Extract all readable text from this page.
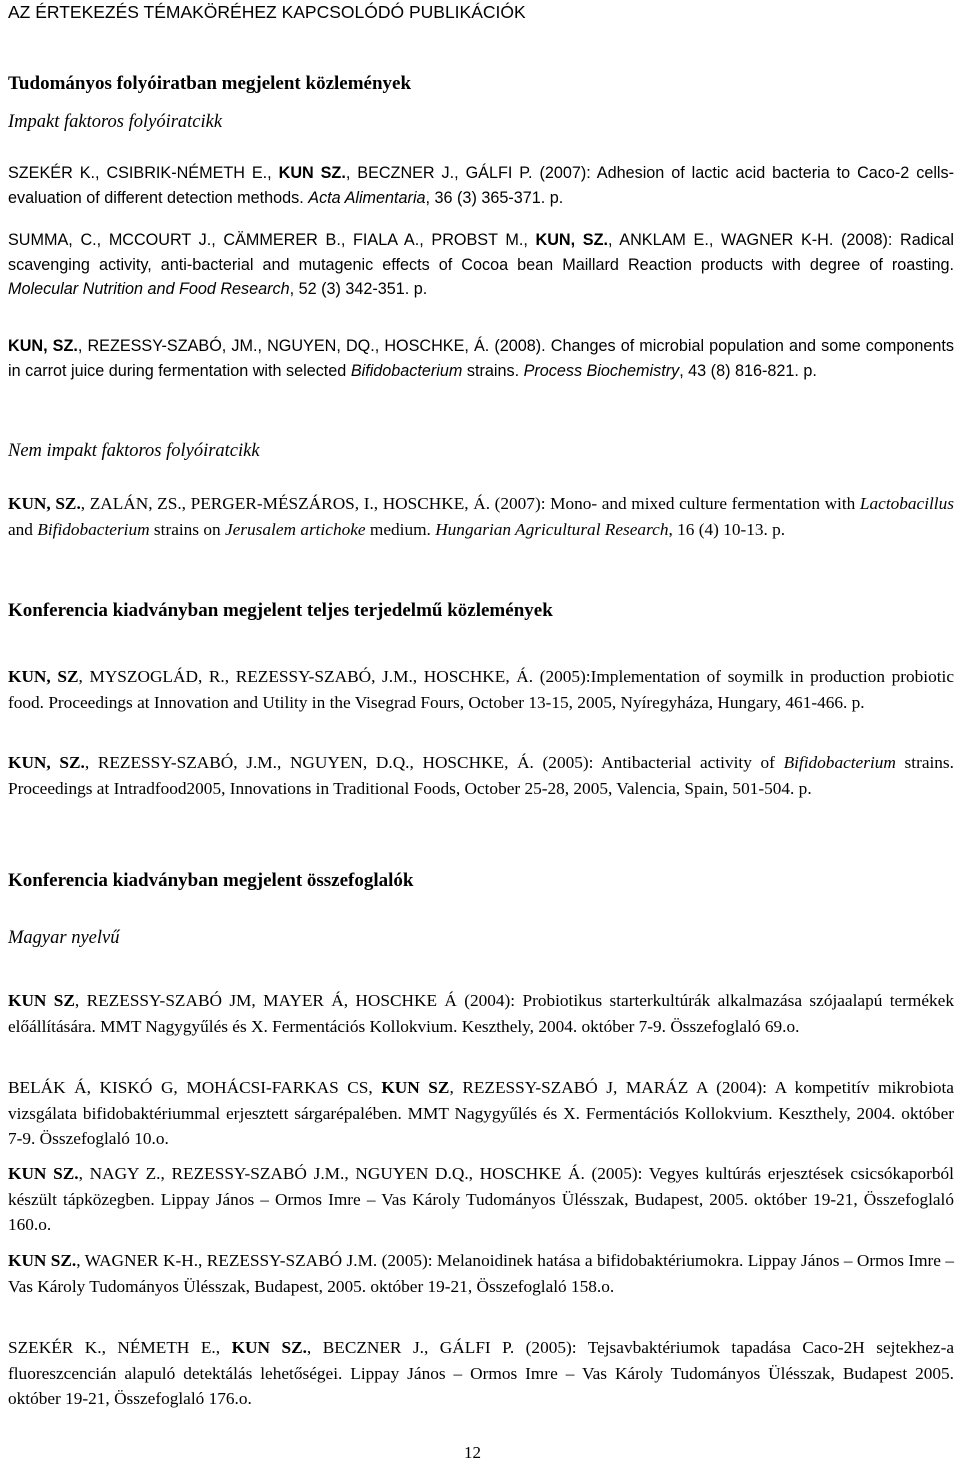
AZ ÉRTEKEZÉS TÉMAKÖRÉHEZ KAPCSOLÓDÓ PUBLIKÁCIÓK
Tudományos folyóiratban megjelent közlemények
Impakt faktoros folyóiratcikk
SZEKÉR K., CSIBRIK-NÉMETH E., KUN SZ., BECZNER J., GÁLFI P. (2007): Adhesion of lactic acid bacteria to Caco-2 cells-evaluation of different detection methods. Acta Alimentaria, 36 (3) 365-371. p.
SUMMA, C., MCCOURT J., CÄMMERER B., FIALA A., PROBST M., KUN, SZ., ANKLAM E., WAGNER K-H. (2008): Radical scavenging activity, anti-bacterial and mutagenic effects of Cocoa bean Maillard Reaction products with degree of roasting. Molecular Nutrition and Food Research, 52 (3) 342-351. p.
KUN, SZ., REZESSY-SZABÓ, JM., NGUYEN, DQ., HOSCHKE, Á. (2008). Changes of microbial population and some components in carrot juice during fermentation with selected Bifidobacterium strains. Process Biochemistry, 43 (8) 816-821. p.
Nem impakt faktoros folyóiratcikk
KUN, SZ., ZALÁN, ZS., PERGER-MÉSZÁROS, I., HOSCHKE, Á. (2007): Mono- and mixed culture fermentation with Lactobacillus and Bifidobacterium strains on Jerusalem artichoke medium. Hungarian Agricultural Research, 16 (4) 10-13. p.
Konferencia kiadványban megjelent teljes terjedelmű közlemények
KUN, SZ, MYSZOGLÁD, R., REZESSY-SZABÓ, J.M., HOSCHKE, Á. (2005):Implementation of soymilk in production probiotic food. Proceedings at Innovation and Utility in the Visegrad Fours, October 13-15, 2005, Nyíregyháza, Hungary, 461-466. p.
KUN, SZ., REZESSY-SZABÓ, J.M., NGUYEN, D.Q., HOSCHKE, Á. (2005): Antibacterial activity of Bifidobacterium strains. Proceedings at Intradfood2005, Innovations in Traditional Foods, October 25-28, 2005, Valencia, Spain, 501-504. p.
Konferencia kiadványban megjelent összefoglalók
Magyar nyelvű
KUN SZ, REZESSY-SZABÓ JM, MAYER Á, HOSCHKE Á (2004): Probiotikus starterkultúrák alkalmazása szójaalapú termékek előállítására. MMT Nagygyűlés és X. Fermentációs Kollokvium. Keszthely, 2004. október 7-9. Összefoglaló 69.o.
BELÁK Á, KISKÓ G, MOHÁCSI-FARKAS CS, KUN SZ, REZESSY-SZABÓ J, MARÁZ A (2004): A kompetitív mikrobiota vizsgálata bifidobaktériummal erjesztett sárgarépalében. MMT Nagygyűlés és X. Fermentációs Kollokvium. Keszthely, 2004. október 7-9. Összefoglaló 10.o.
KUN SZ., NAGY Z., REZESSY-SZABÓ J.M., NGUYEN D.Q., HOSCHKE Á. (2005): Vegyes kultúrás erjesztések csicsókaporból készült tápközegben. Lippay János – Ormos Imre – Vas Károly Tudományos Ülésszak, Budapest, 2005. október 19-21, Összefoglaló 160.o.
KUN SZ., WAGNER K-H., REZESSY-SZABÓ J.M. (2005): Melanoidinek hatása a bifidobaktériumokra. Lippay János – Ormos Imre – Vas Károly Tudományos Ülésszak, Budapest, 2005. október 19-21, Összefoglaló 158.o.
SZEKÉR K., NÉMETH E., KUN SZ., BECZNER J., GÁLFI P. (2005): Tejsavbaktériumok tapadása Caco-2H sejtekhez-a fluoreszcencián alapuló detektálás lehetőségei. Lippay János – Ormos Imre – Vas Károly Tudományos Ülésszak, Budapest 2005. október 19-21, Összefoglaló 176.o.
12
